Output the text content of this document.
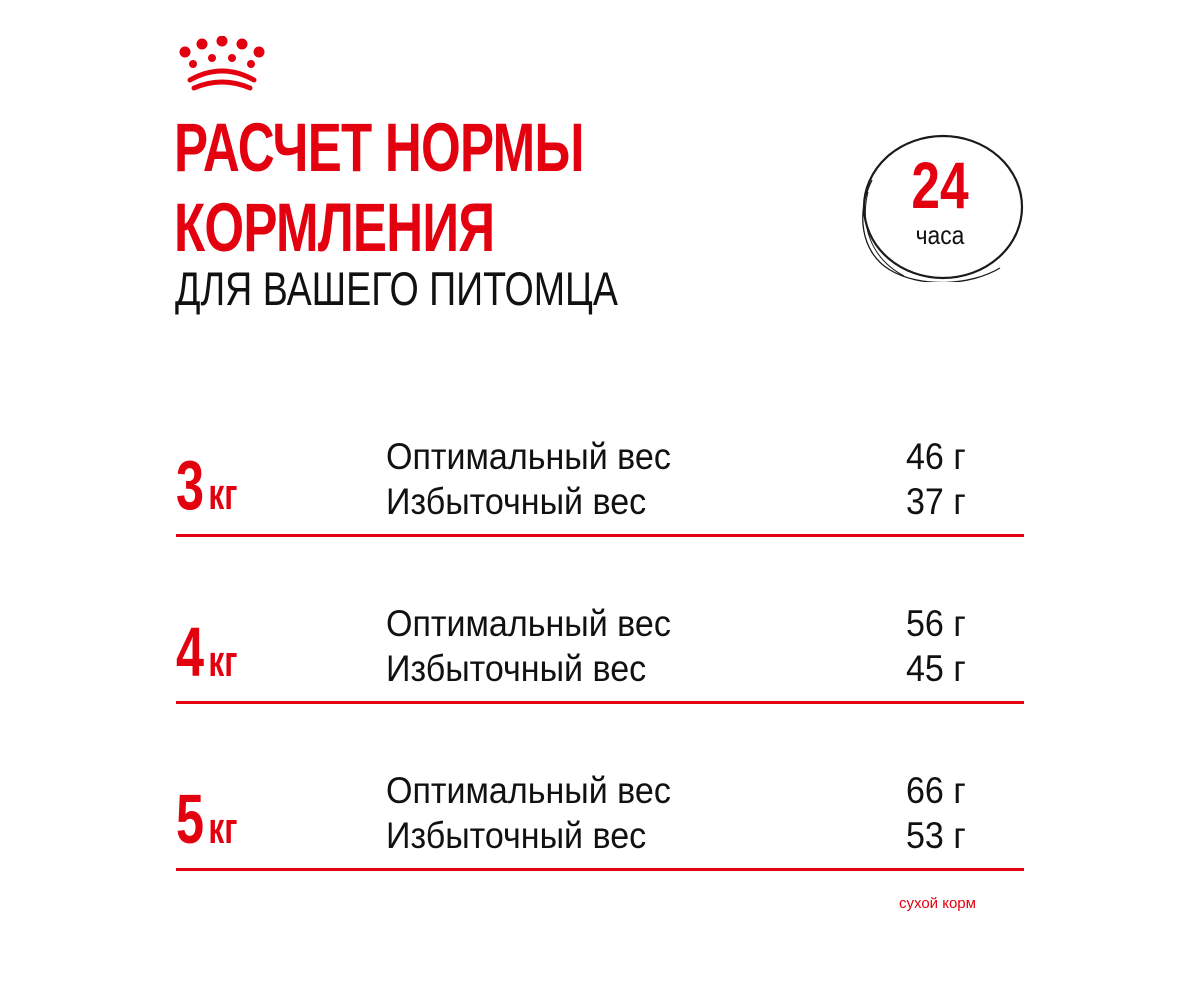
РАСЧЕТ НОРМЫ
КОРМЛЕНИЯ
ДЛЯ ВАШЕГО ПИТОМЦА
24
часа
3кг
Оптимальный вес	46 г
Избыточный вес	37 г
4кг
Оптимальный вес	56 г
Избыточный вес	45 г
5кг
Оптимальный вес	66 г
Избыточный вес	53 г
сухой корм
